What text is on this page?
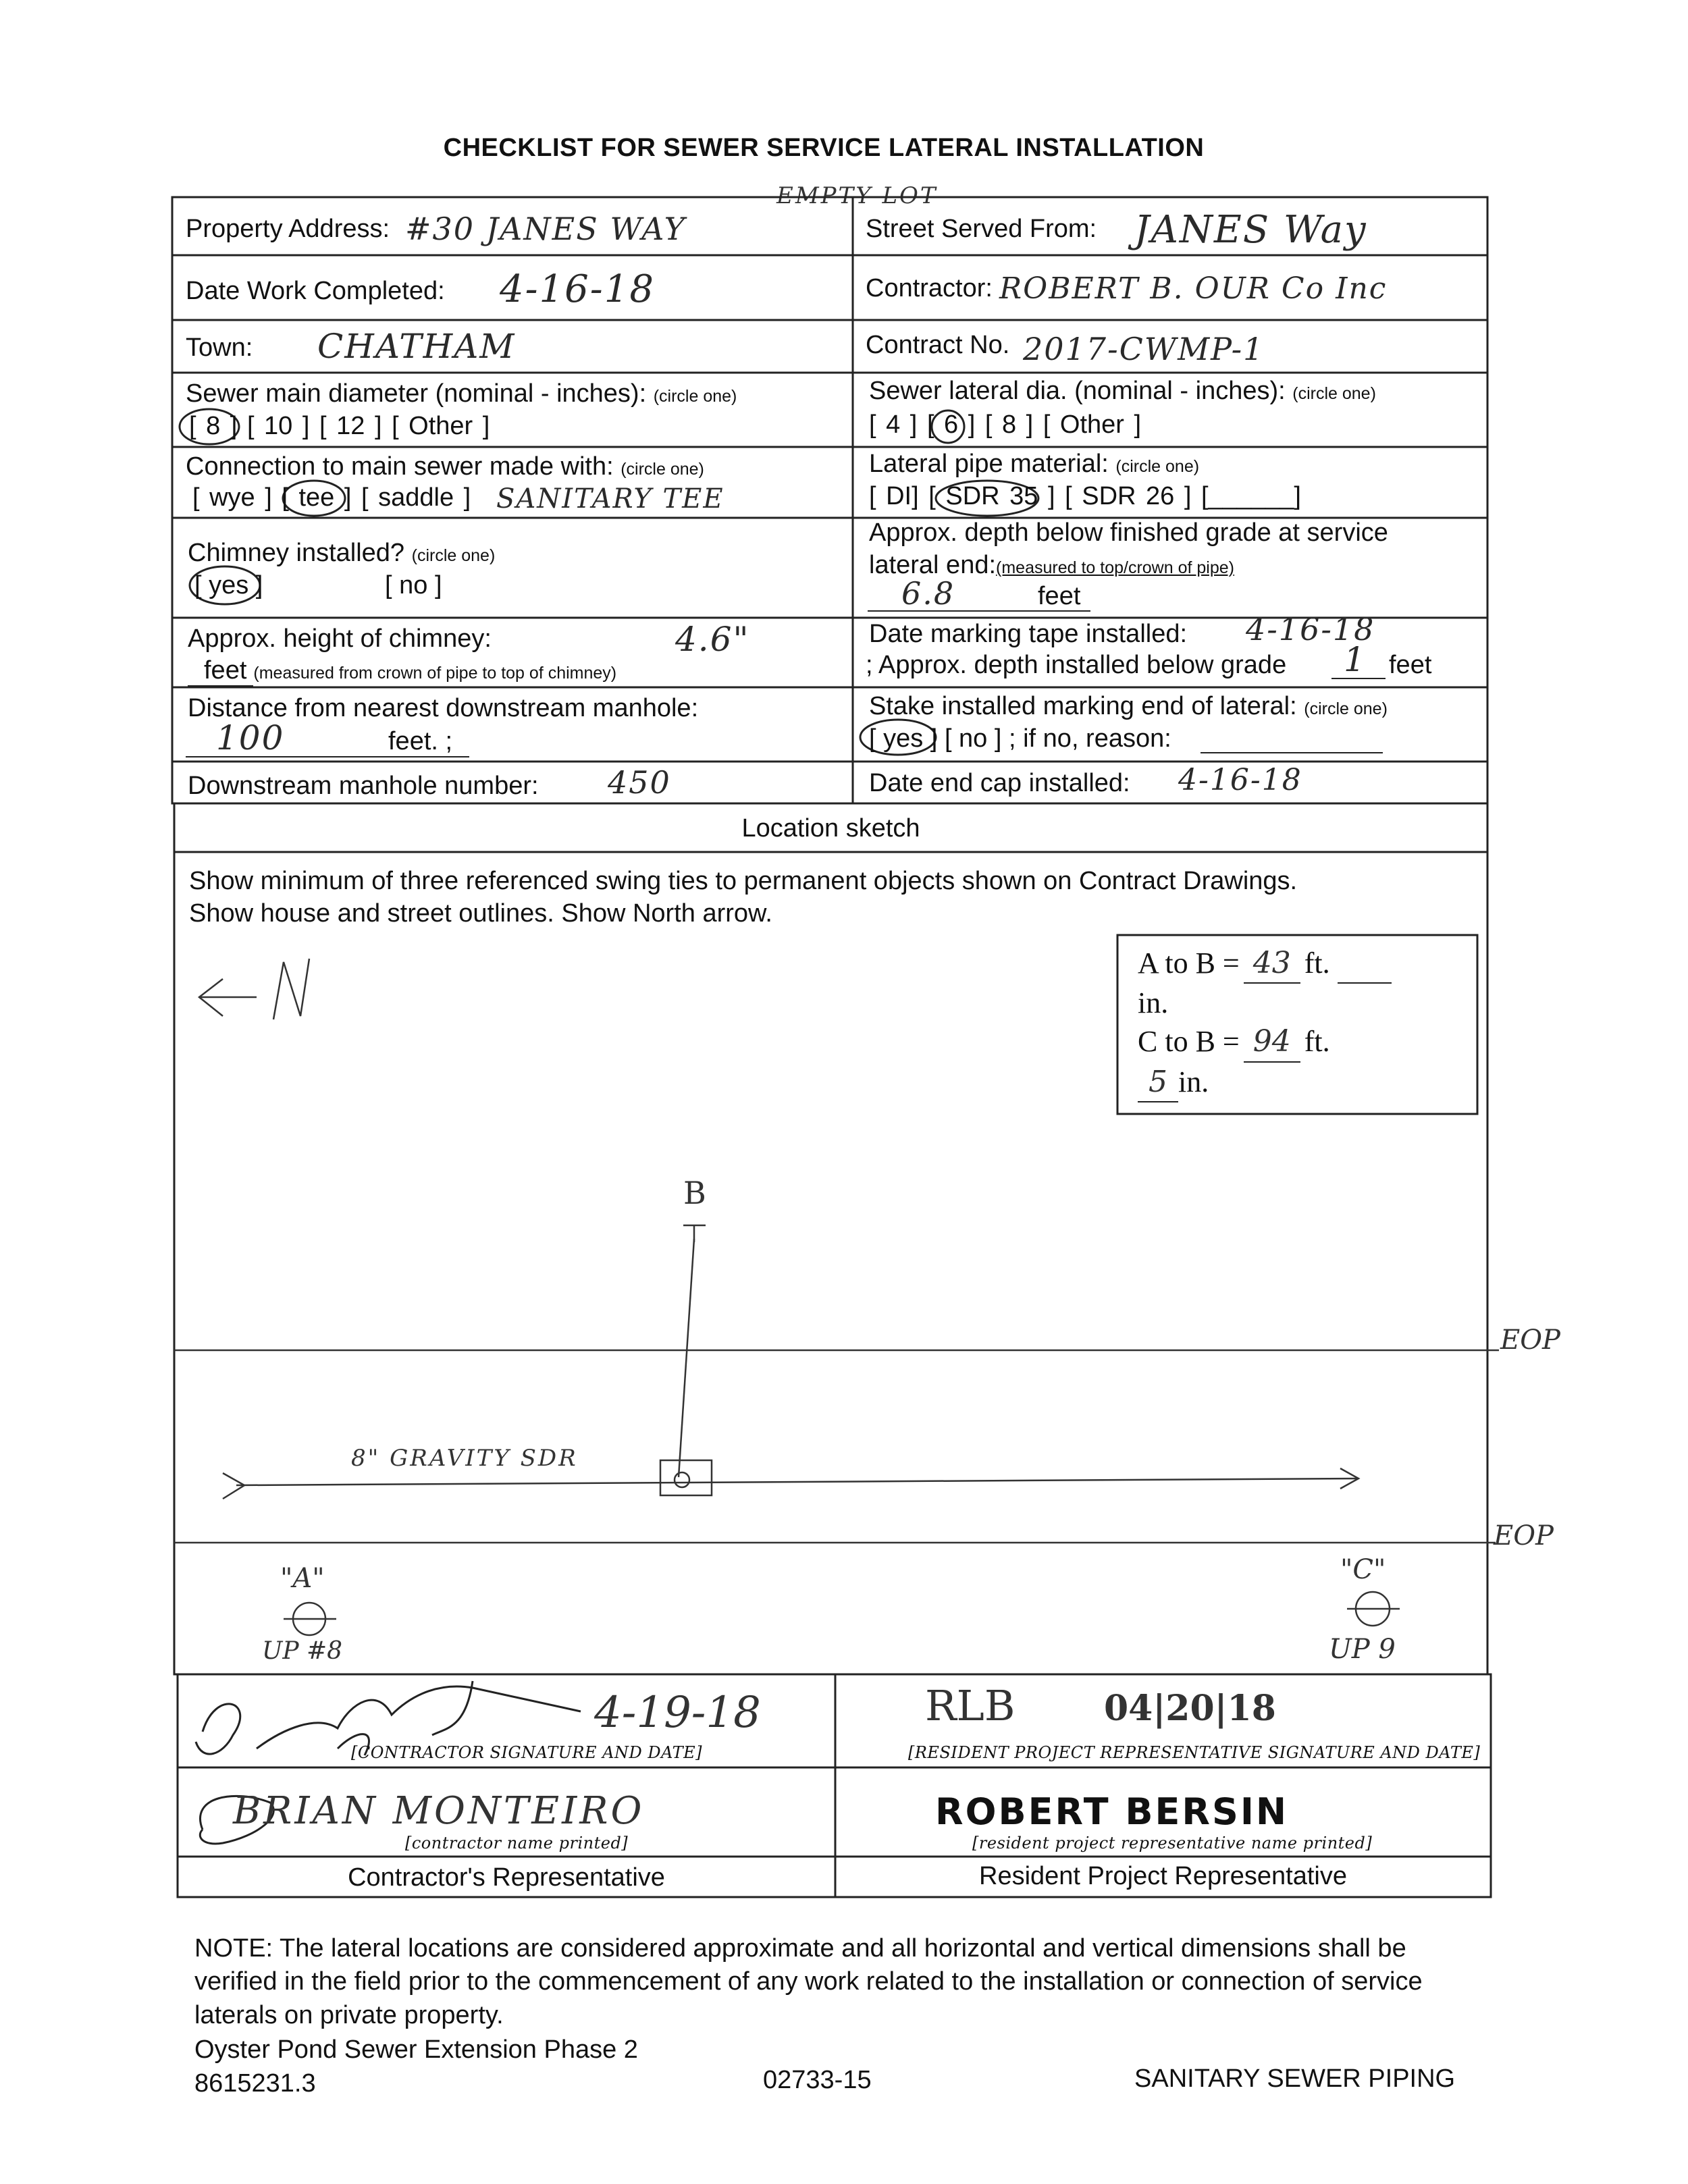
CHECKLIST FOR SEWER SERVICE LATERAL INSTALLATION
EMPTY LOT
Property Address: #30 JANES WAY	Street Served From: JANES Way
Date Work Completed: 4-16-18	Contractor: ROBERT B. OUR Co Inc
Town: CHATHAM	Contract No. 2017-CWMP-1
Sewer main diameter (nominal - inches): (circle one)
[ 8 ] [ 10 ] [ 12 ] [ Other ]
Sewer lateral dia. (nominal - inches): (circle one)
[ 4 ] [ 6 ] [ 8 ] [ Other ]
Connection to main sewer made with: (circle one)
[ wye ] [ tee ] [ saddle ] SANITARY TEE
Lateral pipe material: (circle one)
[ DI] [ SDR 35 ] [ SDR 26 ] [______]
Chimney installed? (circle one)
[ yes ]	[ no ]
Approx. depth below finished grade at service
lateral end:(measured to top/crown of pipe)
6.8	feet
Approx. height of chimney:	4.6"
feet (measured from crown of pipe to top of chimney)
Date marking tape installed: 4-16-18
; Approx. depth installed below grade 1 feet
Distance from nearest downstream manhole:
100	feet. ;
Stake installed marking end of lateral: (circle one)
[ yes ] [ no ] ; if no, reason:
Downstream manhole number: 450	Date end cap installed: 4-16-18
Location sketch
Show minimum of three referenced swing ties to permanent objects shown on Contract Drawings.
Show house and street outlines. Show North arrow.
A to B = 43 ft.
in.
C to B = 94 ft.
5 in.
B
8" GRAVITY SDR
EOP
EOP
"A"	"C"
UP #8	UP 9
4-19-18
[CONTRACTOR SIGNATURE AND DATE]
RLB	04|20|18
[RESIDENT PROJECT REPRESENTATIVE SIGNATURE AND DATE]
BRIAN MONTEIRO
[contractor name printed]
ROBERT BERSIN
[resident project representative name printed]
Contractor's Representative	Resident Project Representative
NOTE: The lateral locations are considered approximate and all horizontal and vertical dimensions shall be verified in the field prior to the commencement of any work related to the installation or connection of service laterals on private property.
Oyster Pond Sewer Extension Phase 2
8615231.3	02733-15	SANITARY SEWER PIPING
